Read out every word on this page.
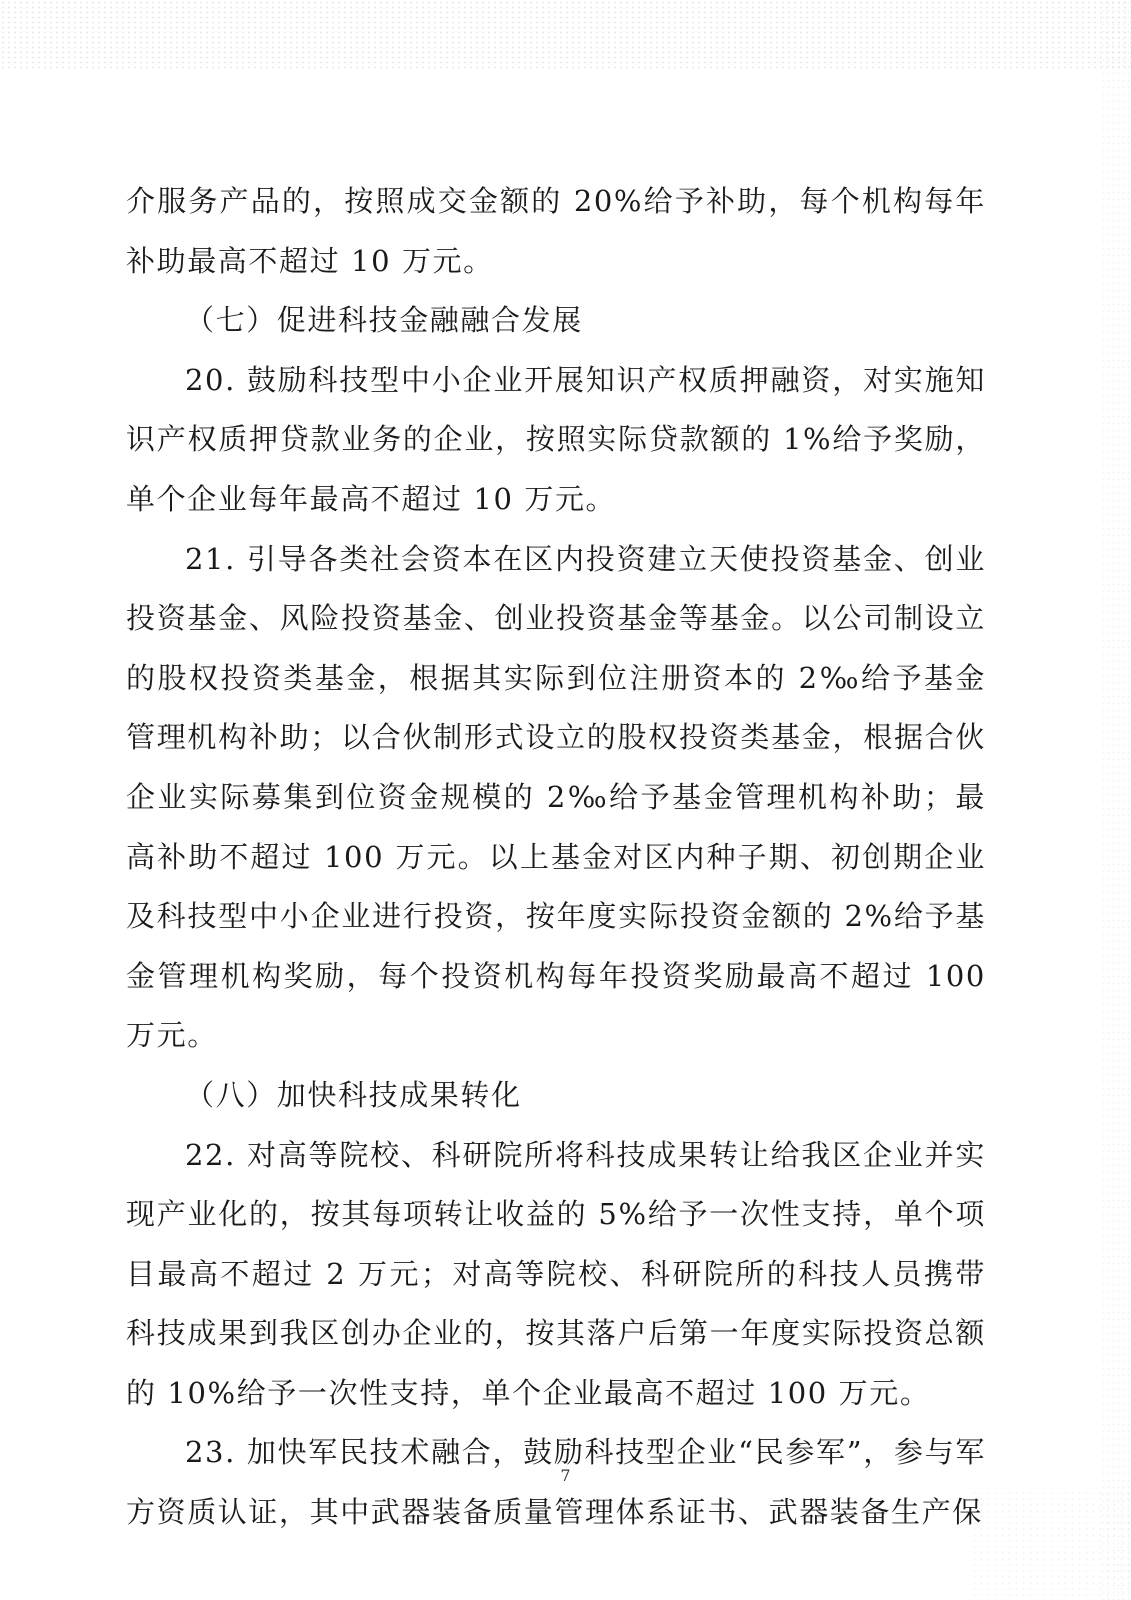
介服务产品的，按照成交金额的 20%给予补助，每个机构每年补助最高不超过 10 万元。

（七）促进科技金融融合发展

20. 鼓励科技型中小企业开展知识产权质押融资，对实施知识产权质押贷款业务的企业，按照实际贷款额的 1%给予奖励，单个企业每年最高不超过 10 万元。

21. 引导各类社会资本在区内投资建立天使投资基金、创业投资基金、风险投资基金、创业投资基金等基金。以公司制设立的股权投资类基金，根据其实际到位注册资本的 2‰给予基金管理机构补助；以合伙制形式设立的股权投资类基金，根据合伙企业实际募集到位资金规模的 2‰给予基金管理机构补助；最高补助不超过 100 万元。以上基金对区内种子期、初创期企业及科技型中小企业进行投资，按年度实际投资金额的 2%给予基金管理机构奖励，每个投资机构每年投资奖励最高不超过 100 万元。

（八）加快科技成果转化

22. 对高等院校、科研院所将科技成果转让给我区企业并实现产业化的，按其每项转让收益的 5%给予一次性支持，单个项目最高不超过 2 万元；对高等院校、科研院所的科技人员携带科技成果到我区创办企业的，按其落户后第一年度实际投资总额的 10%给予一次性支持，单个企业最高不超过 100 万元。

23. 加快军民技术融合，鼓励科技型企业“民参军”，参与军方资质认证，其中武器装备质量管理体系证书、武器装备生产保

7
